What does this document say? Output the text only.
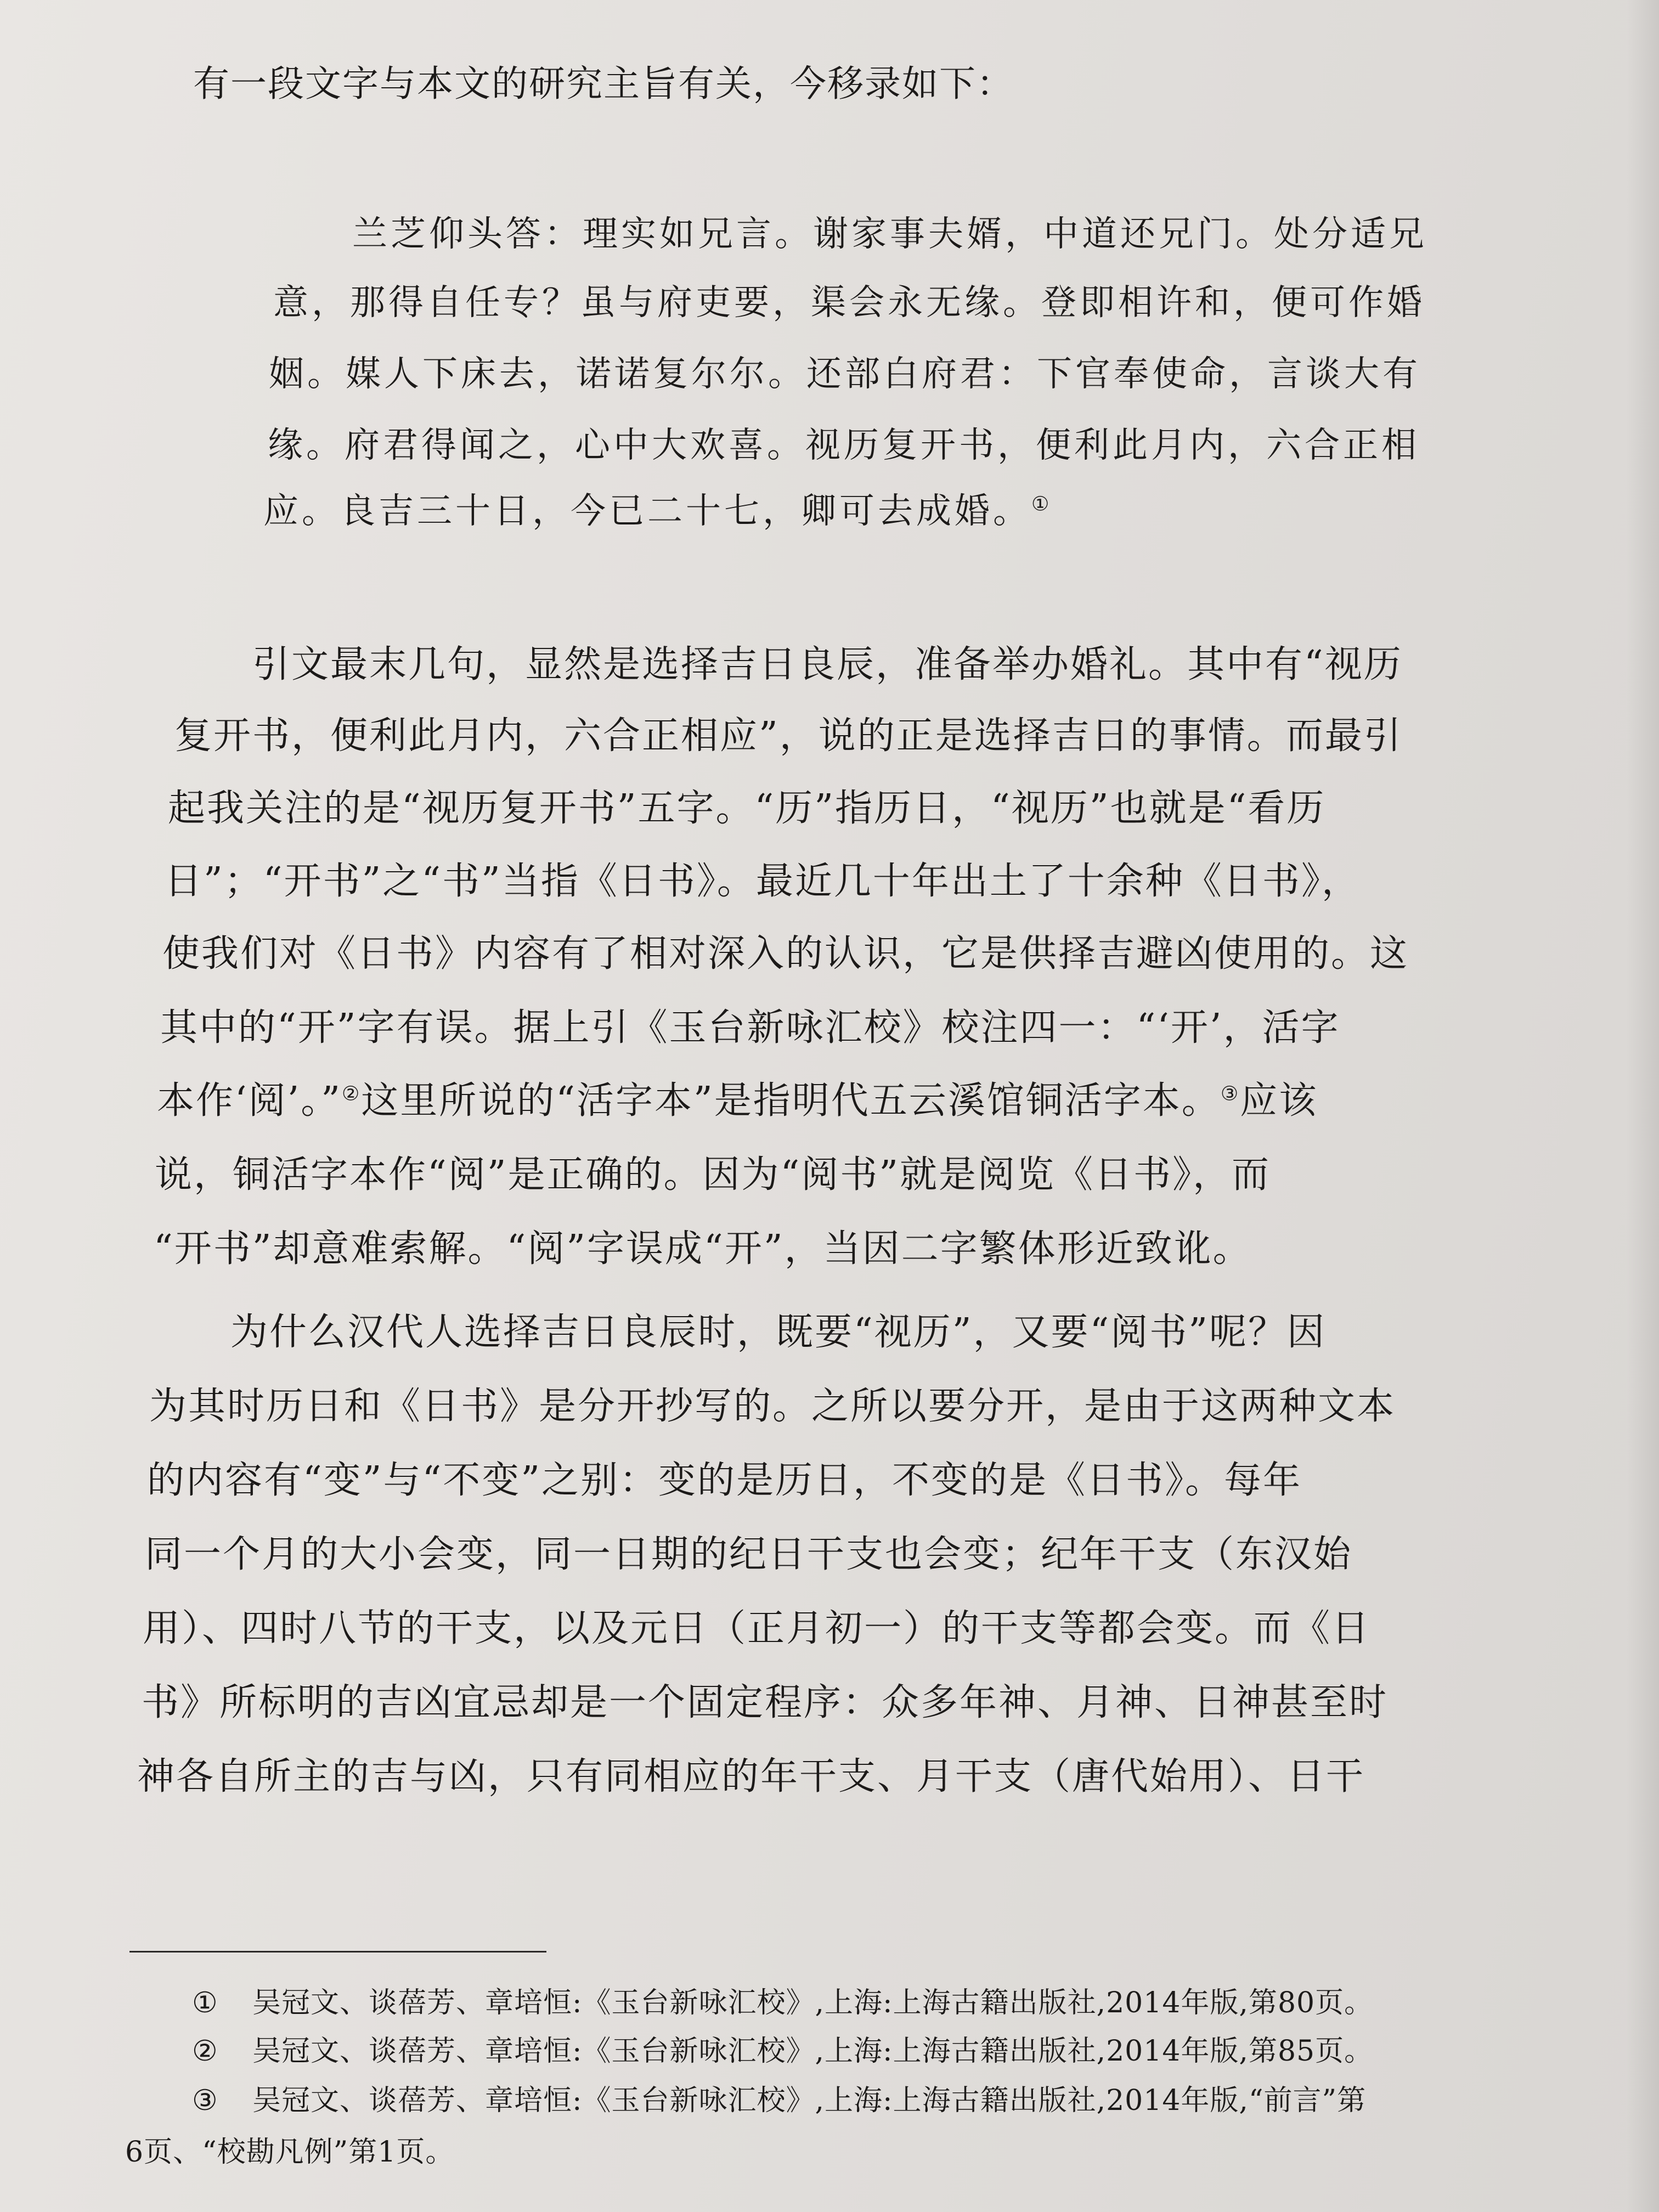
有一段文字与本文的研究主旨有关，今移录如下：
兰芝仰头答：理实如兄言。谢家事夫婿，中道还兄门。处分适兄
意，那得自任专？虽与府吏要，渠会永无缘。登即相许和，便可作婚
姻。媒人下床去，诺诺复尔尔。还部白府君：下官奉使命，言谈大有
缘。府君得闻之，心中大欢喜。视历复开书，便利此月内，六合正相
应。良吉三十日，今已二十七，卿可去成婚。①
引文最末几句，显然是选择吉日良辰，准备举办婚礼。其中有“视历
复开书，便利此月内，六合正相应”，说的正是选择吉日的事情。而最引
起我关注的是“视历复开书”五字。“历”指历日，“视历”也就是“看历
日”；“开书”之“书”当指《日书》。最近几十年出土了十余种《日书》，
使我们对《日书》内容有了相对深入的认识，它是供择吉避凶使用的。这
其中的“开”字有误。据上引《玉台新咏汇校》校注四一：“‘开’，活字
本作‘阅’。”②这里所说的“活字本”是指明代五云溪馆铜活字本。③应该
说，铜活字本作“阅”是正确的。因为“阅书”就是阅览《日书》，而
“开书”却意难索解。“阅”字误成“开”，当因二字繁体形近致讹。
为什么汉代人选择吉日良辰时，既要“视历”，又要“阅书”呢？因
为其时历日和《日书》是分开抄写的。之所以要分开，是由于这两种文本
的内容有“变”与“不变”之别：变的是历日，不变的是《日书》。每年
同一个月的大小会变，同一日期的纪日干支也会变；纪年干支（东汉始
用）、四时八节的干支，以及元日（正月初一）的干支等都会变。而《日
书》所标明的吉凶宜忌却是一个固定程序：众多年神、月神、日神甚至时
神各自所主的吉与凶，只有同相应的年干支、月干支（唐代始用）、日干
① 吴冠文、谈蓓芳、章培恒:《玉台新咏汇校》,上海:上海古籍出版社,2014年版,第80页。
② 吴冠文、谈蓓芳、章培恒:《玉台新咏汇校》,上海:上海古籍出版社,2014年版,第85页。
③ 吴冠文、谈蓓芳、章培恒:《玉台新咏汇校》,上海:上海古籍出版社,2014年版,“前言”第
6页、“校勘凡例”第1页。
